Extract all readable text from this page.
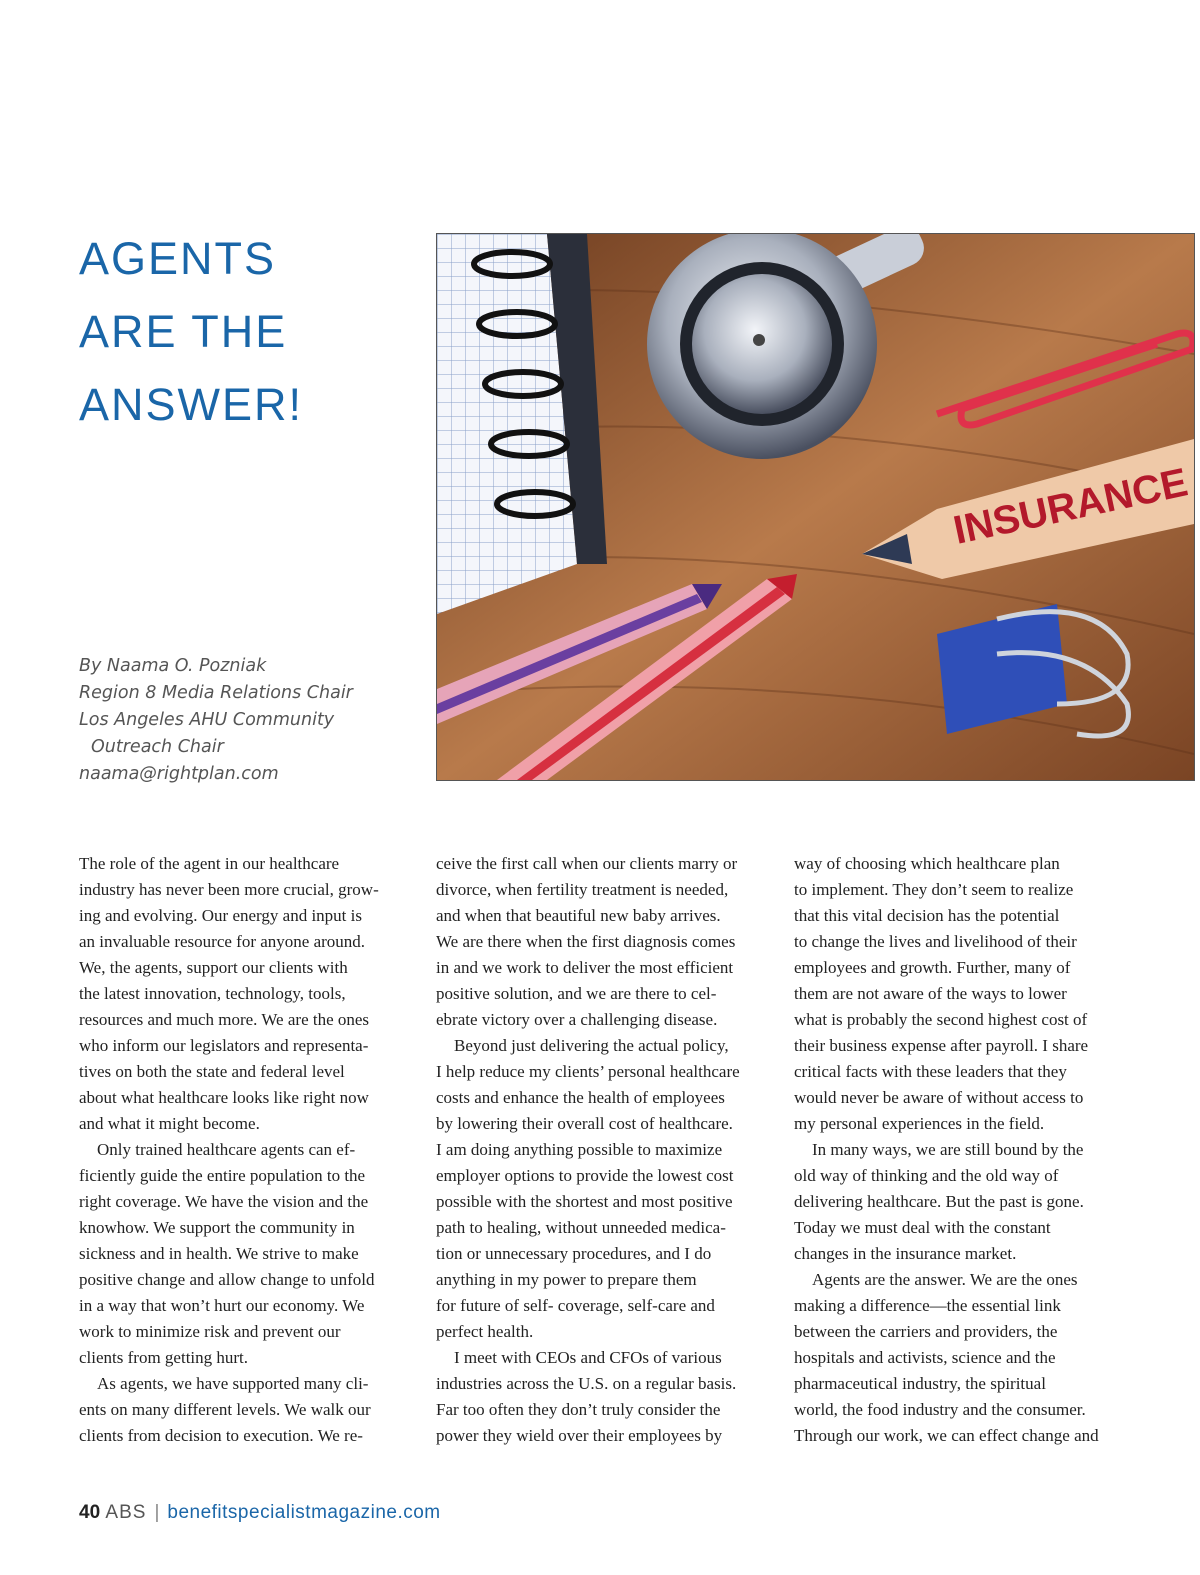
AGENTS
ARE THE
ANSWER!
INSURANCE
By Naama O. Pozniak
Region 8 Media Relations Chair
Los Angeles AHU Community
Outreach Chair
naama@rightplan.com
The role of the agent in our healthcare
industry has never been more crucial, grow-
ing and evolving. Our energy and input is
an invaluable resource for anyone around.
We, the agents, support our clients with
the latest innovation, technology, tools,
resources and much more. We are the ones
who inform our legislators and representa-
tives on both the state and federal level
about what healthcare looks like right now
and what it might become.
Only trained healthcare agents can ef-
ficiently guide the entire population to the
right coverage. We have the vision and the
knowhow. We support the community in
sickness and in health. We strive to make
positive change and allow change to unfold
in a way that won’t hurt our economy. We
work to minimize risk and prevent our
clients from getting hurt.
As agents, we have supported many cli-
ents on many different levels. We walk our
clients from decision to execution. We re-
ceive the first call when our clients marry or
divorce, when fertility treatment is needed,
and when that beautiful new baby arrives.
We are there when the first diagnosis comes
in and we work to deliver the most efficient
positive solution, and we are there to cel-
ebrate victory over a challenging disease.
Beyond just delivering the actual policy,
I help reduce my clients’ personal healthcare
costs and enhance the health of employees
by lowering their overall cost of healthcare.
I am doing anything possible to maximize
employer options to provide the lowest cost
possible with the shortest and most positive
path to healing, without unneeded medica-
tion or unnecessary procedures, and I do
anything in my power to prepare them
for future of self- coverage, self-care and
perfect health.
I meet with CEOs and CFOs of various
industries across the U.S. on a regular basis.
Far too often they don’t truly consider the
power they wield over their employees by
way of choosing which healthcare plan
to implement. They don’t seem to realize
that this vital decision has the potential
to change the lives and livelihood of their
employees and growth. Further, many of
them are not aware of the ways to lower
what is probably the second highest cost of
their business expense after payroll. I share
critical facts with these leaders that they
would never be aware of without access to
my personal experiences in the field.
In many ways, we are still bound by the
old way of thinking and the old way of
delivering healthcare. But the past is gone.
Today we must deal with the constant
changes in the insurance market.
Agents are the answer. We are the ones
making a difference—the essential link
between the carriers and providers, the
hospitals and activists, science and the
pharmaceutical industry, the spiritual
world, the food industry and the consumer.
Through our work, we can effect change and
40 ABS | benefitspecialistmagazine.com
